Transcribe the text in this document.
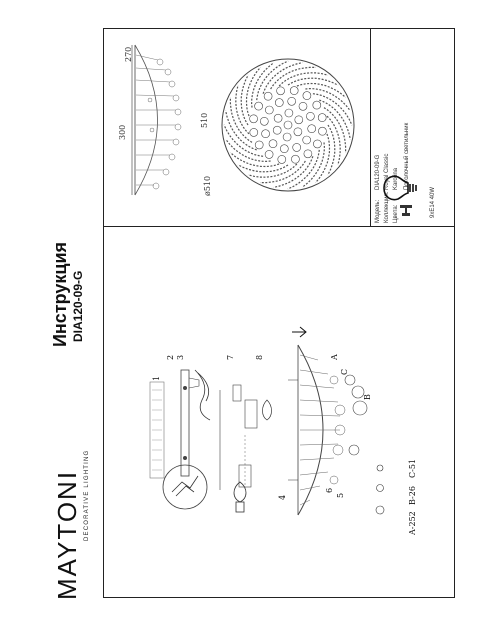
MAYTONI DECORATIVE LIGHTING
Инструкция DIA120-09-G
Модель:
DIA120-09-G
Коллекция:
Royal Classic
Цвета:
Karolina Потолочный светильник
9xE14 40W
270
300
510
ø510
1
2 3
4	5
6
7	8	A
B
C
A-252
B-26
C-51
